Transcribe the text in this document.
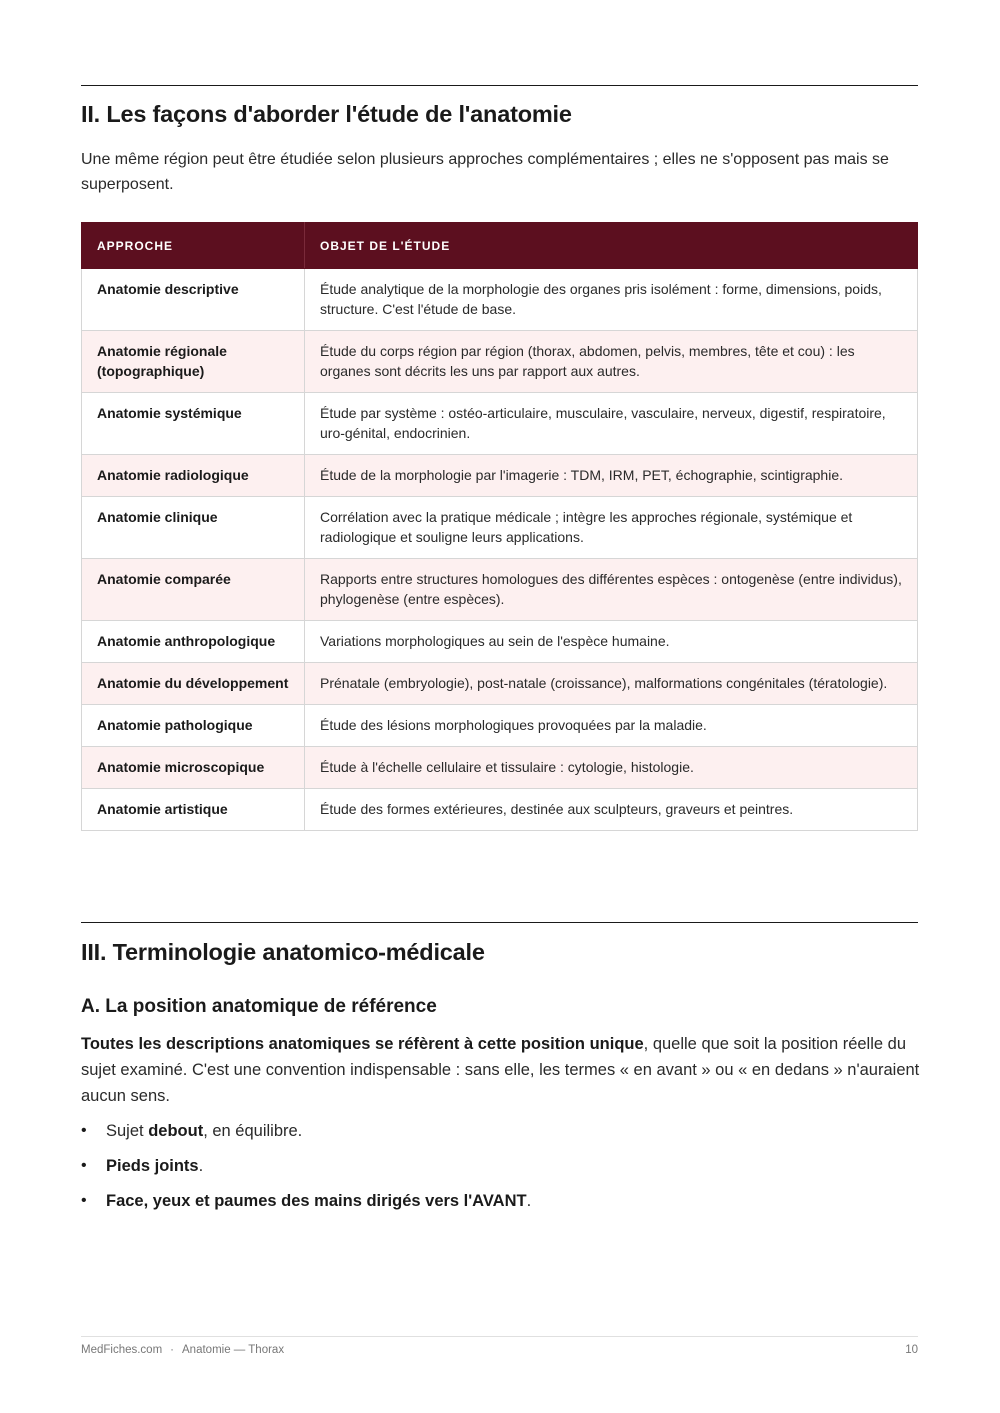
II. Les façons d'aborder l'étude de l'anatomie

Une même région peut être étudiée selon plusieurs approches complémentaires ; elles ne s'opposent pas mais se superposent.

APPROCHE	OBJET DE L'ÉTUDE
Anatomie descriptive	Étude analytique de la morphologie des organes pris isolément : forme, dimensions, poids, structure. C'est l'étude de base.
Anatomie régionale (topographique)	Étude du corps région par région (thorax, abdomen, pelvis, membres, tête et cou) : les organes sont décrits les uns par rapport aux autres.
Anatomie systémique	Étude par système : ostéo-articulaire, musculaire, vasculaire, nerveux, digestif, respiratoire, uro-génital, endocrinien.
Anatomie radiologique	Étude de la morphologie par l'imagerie : TDM, IRM, PET, échographie, scintigraphie.
Anatomie clinique	Corrélation avec la pratique médicale ; intègre les approches régionale, systémique et radiologique et souligne leurs applications.
Anatomie comparée	Rapports entre structures homologues des différentes espèces : ontogenèse (entre individus), phylogenèse (entre espèces).
Anatomie anthropologique	Variations morphologiques au sein de l'espèce humaine.
Anatomie du développement	Prénatale (embryologie), post-natale (croissance), malformations congénitales (tératologie).
Anatomie pathologique	Étude des lésions morphologiques provoquées par la maladie.
Anatomie microscopique	Étude à l'échelle cellulaire et tissulaire : cytologie, histologie.
Anatomie artistique	Étude des formes extérieures, destinée aux sculpteurs, graveurs et peintres.
III. Terminologie anatomico-médicale
A. La position anatomique de référence

Toutes les descriptions anatomiques se réfèrent à cette position unique, quelle que soit la position réelle du sujet examiné. C'est une convention indispensable : sans elle, les termes « en avant » ou « en dedans » n'auraient aucun sens.

• Sujet debout, en équilibre.
• Pieds joints.
• Face, yeux et paumes des mains dirigés vers l'AVANT.
MedFiches.com · Anatomie — Thorax	10
